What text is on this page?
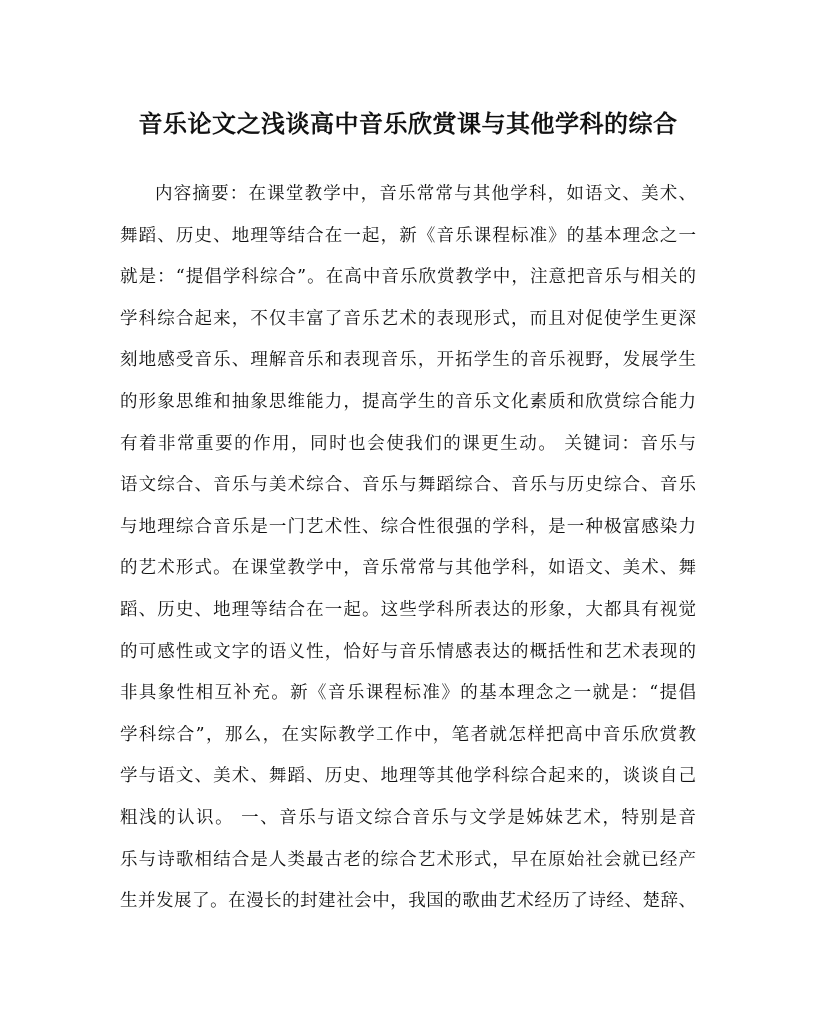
音乐论文之浅谈高中音乐欣赏课与其他学科的综合
内容摘要：在课堂教学中，音乐常常与其他学科，如语文、美术、
舞蹈、历史、地理等结合在一起，新《音乐课程标准》的基本理念之一
就是：“提倡学科综合”。在高中音乐欣赏教学中，注意把音乐与相关的
学科综合起来，不仅丰富了音乐艺术的表现形式，而且对促使学生更深
刻地感受音乐、理解音乐和表现音乐，开拓学生的音乐视野，发展学生
的形象思维和抽象思维能力，提高学生的音乐文化素质和欣赏综合能力
有着非常重要的作用，同时也会使我们的课更生动。 关键词：音乐与
语文综合、音乐与美术综合、音乐与舞蹈综合、音乐与历史综合、音乐
与地理综合音乐是一门艺术性、综合性很强的学科，是一种极富感染力
的艺术形式。在课堂教学中，音乐常常与其他学科，如语文、美术、舞
蹈、历史、地理等结合在一起。这些学科所表达的形象，大都具有视觉
的可感性或文字的语义性，恰好与音乐情感表达的概括性和艺术表现的
非具象性相互补充。新《音乐课程标准》的基本理念之一就是：“提倡
学科综合”，那么，在实际教学工作中，笔者就怎样把高中音乐欣赏教
学与语文、美术、舞蹈、历史、地理等其他学科综合起来的，谈谈自己
粗浅的认识。 一、音乐与语文综合音乐与文学是姊妹艺术，特别是音
乐与诗歌相结合是人类最古老的综合艺术形式，早在原始社会就已经产
生并发展了。在漫长的封建社会中，我国的歌曲艺术经历了诗经、楚辞、
